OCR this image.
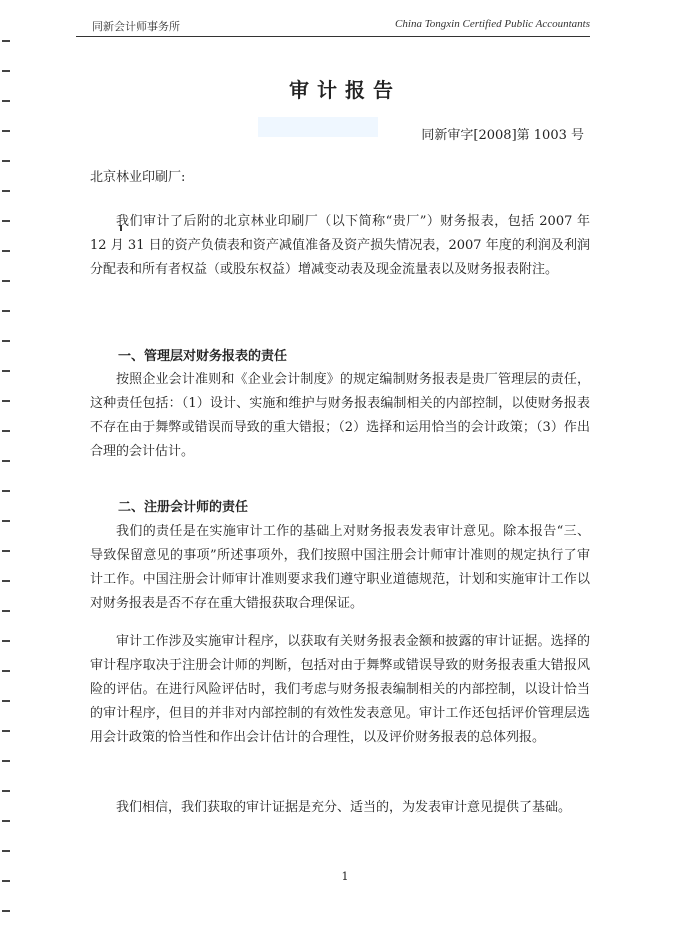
同新会计师事务所	China Tongxin Certified Public Accountants
审计报告
同新审字[2008]第 1003 号
北京林业印刷厂:
我们审计了后附的北京林业印刷厂（以下简称“贵厂”）财务报表，包括 2007 年 12 月 31 日的资产负债表和资产减值准备及资产损失情况表，2007 年度的利润及利润分配表和所有者权益（或股东权益）增减变动表及现金流量表以及财务报表附注。
一、管理层对财务报表的责任
按照企业会计准则和《企业会计制度》的规定编制财务报表是贵厂管理层的责任，这种责任包括：（1）设计、实施和维护与财务报表编制相关的内部控制，以使财务报表不存在由于舞弊或错误而导致的重大错报；（2）选择和运用恰当的会计政策；（3）作出合理的会计估计。
二、注册会计师的责任
我们的责任是在实施审计工作的基础上对财务报表发表审计意见。除本报告“三、导致保留意见的事项”所述事项外，我们按照中国注册会计师审计准则的规定执行了审计工作。中国注册会计师审计准则要求我们遵守职业道德规范，计划和实施审计工作以对财务报表是否不存在重大错报获取合理保证。
审计工作涉及实施审计程序，以获取有关财务报表金额和披露的审计证据。选择的审计程序取决于注册会计师的判断，包括对由于舞弊或错误导致的财务报表重大错报风险的评估。在进行风险评估时，我们考虑与财务报表编制相关的内部控制，以设计恰当的审计程序，但目的并非对内部控制的有效性发表意见。审计工作还包括评价管理层选用会计政策的恰当性和作出会计估计的合理性，以及评价财务报表的总体列报。
我们相信，我们获取的审计证据是充分、适当的，为发表审计意见提供了基础。
1
